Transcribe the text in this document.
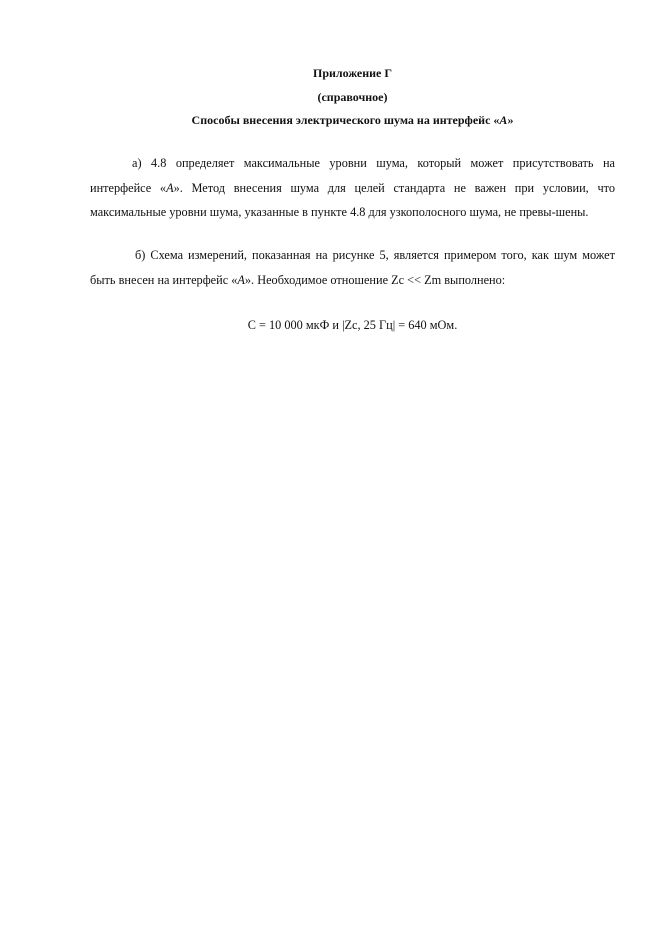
Приложение Г
(справочное)
Способы внесения электрического шума на интерфейс «A»

а) 4.8 определяет максимальные уровни шума, который может присутствовать на интерфейсе «A». Метод внесения шума для целей стандарта не важен при условии, что максимальные уровни шума, указанные в пункте 4.8 для узкополосного шума, не превы-шены.

б) Схема измерений, показанная на рисунке 5, является примером того, как шум может быть внесен на интерфейс «A». Необходимое отношение Zc << Zm выполнено:

C = 10 000 мкФ и |Zc, 25 Гц| = 640 мОм.
